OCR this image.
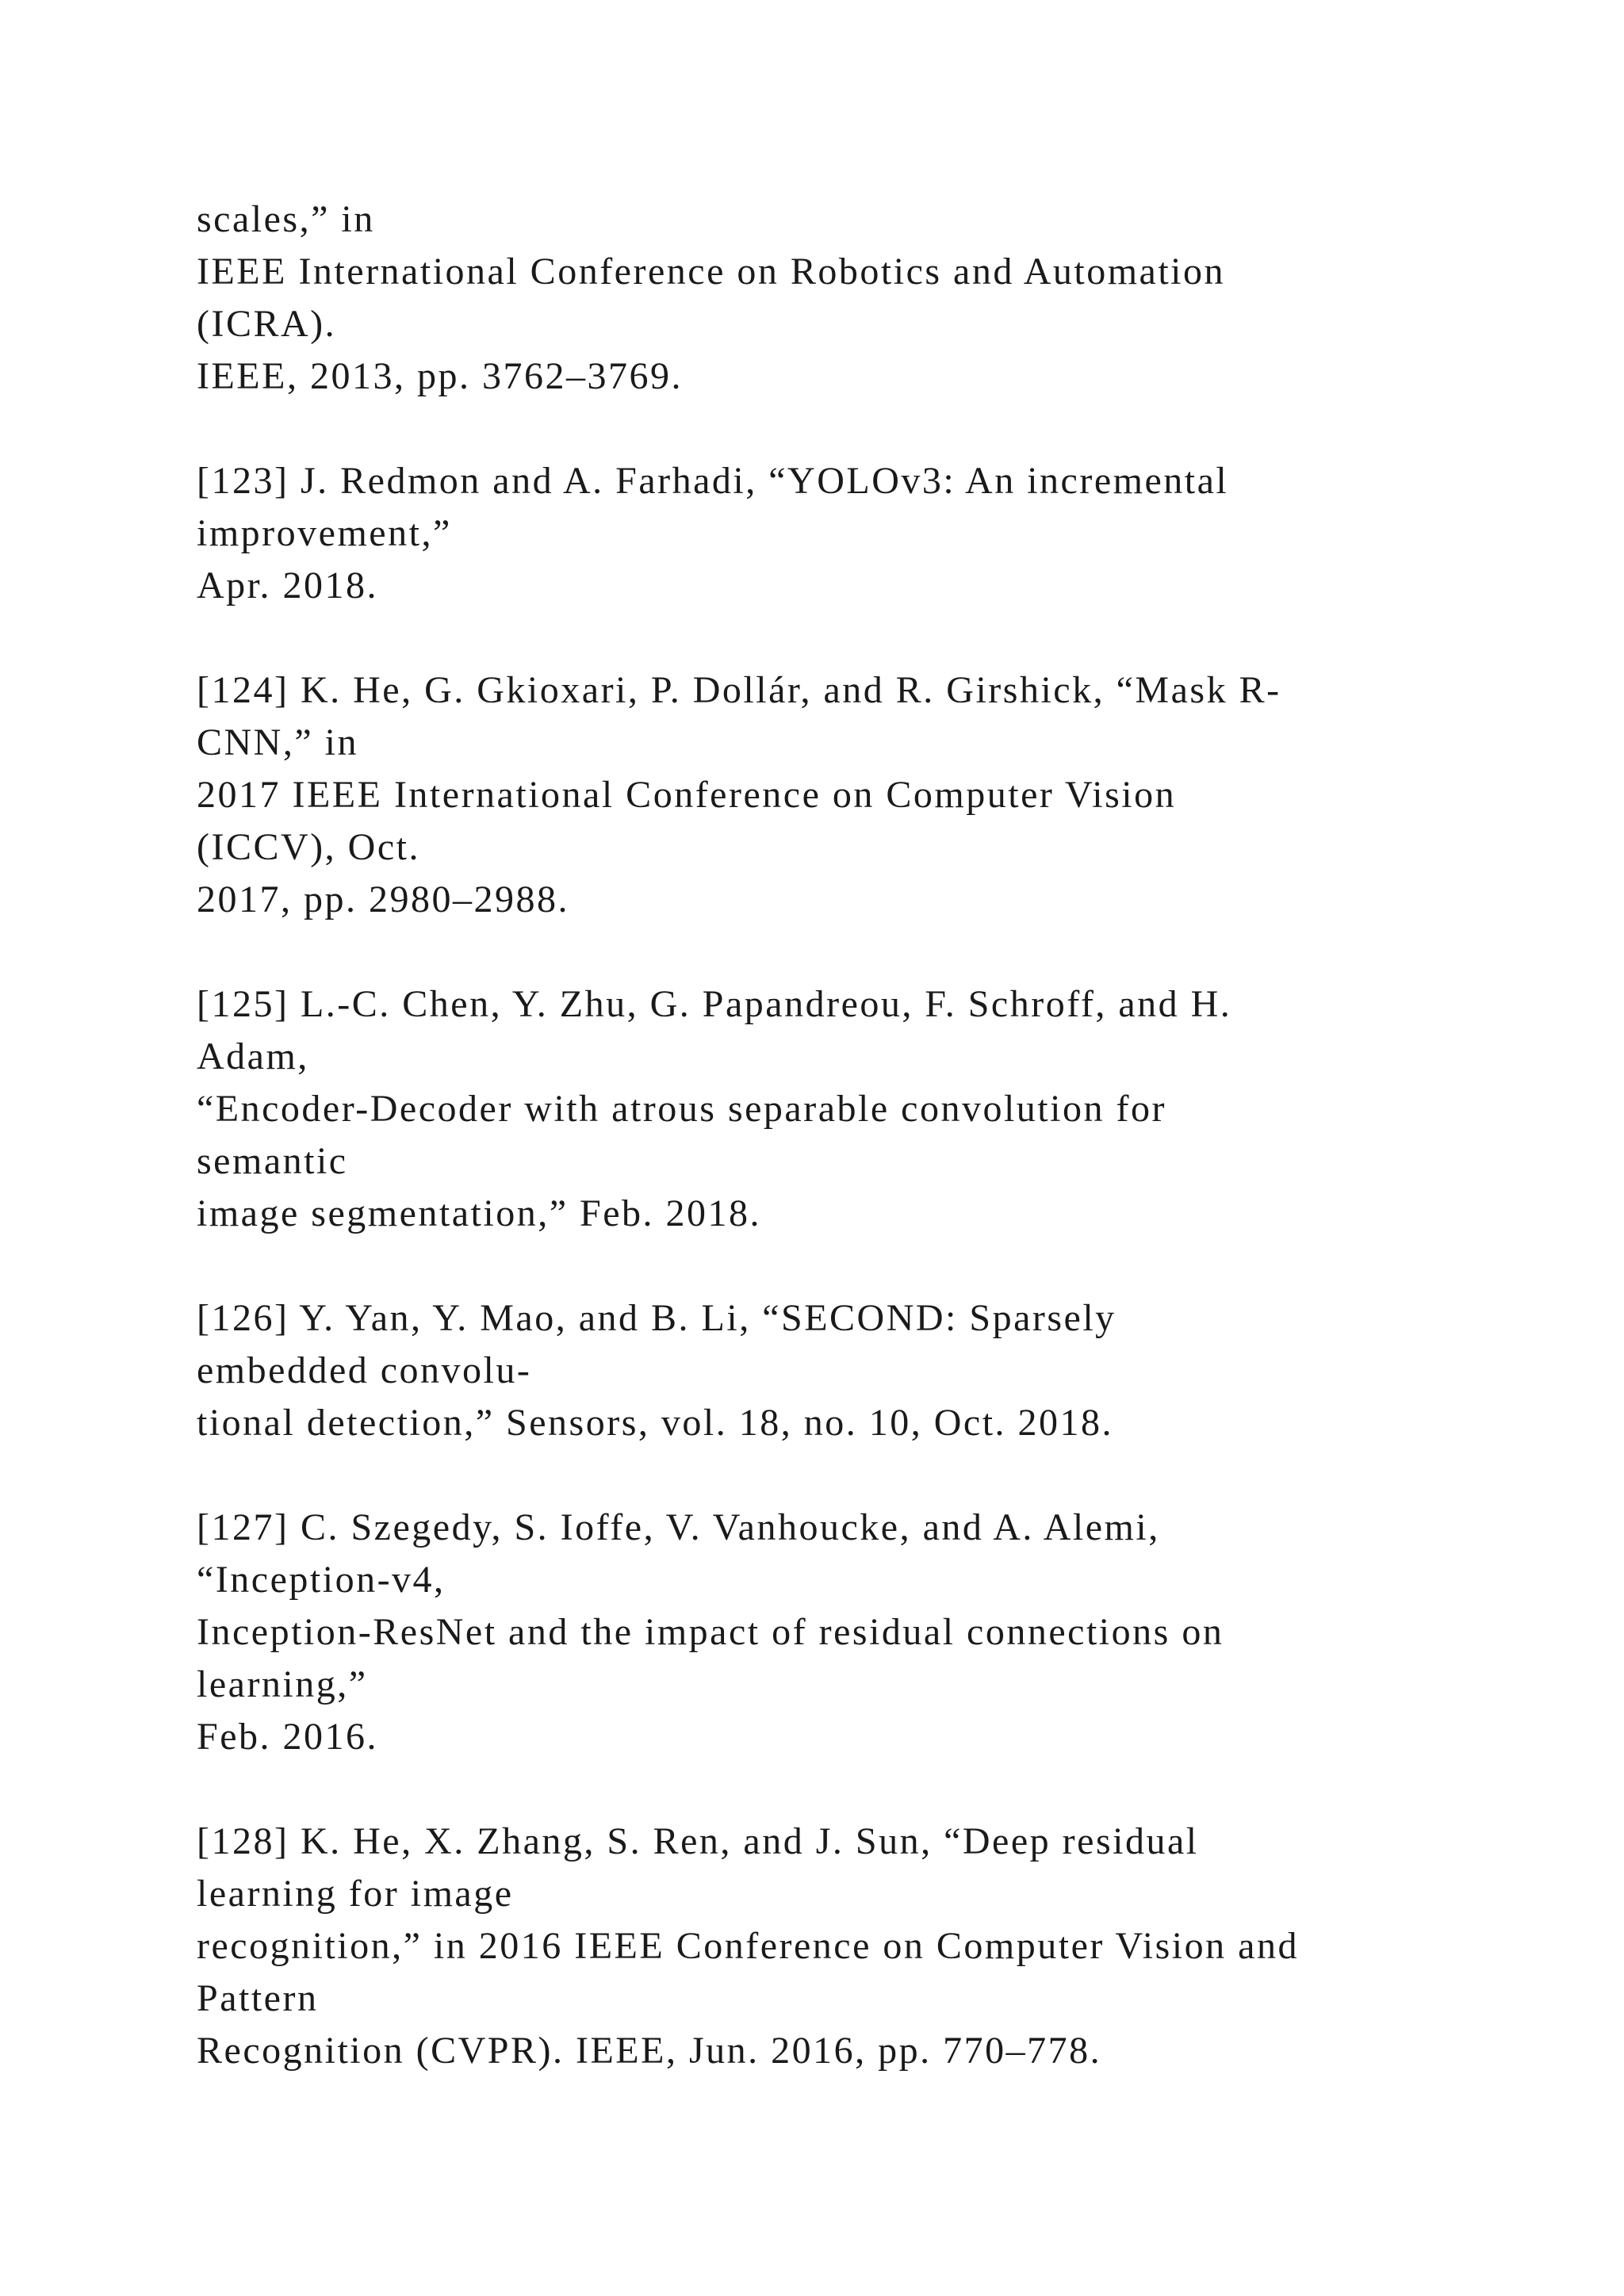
scales,” in
IEEE International Conference on Robotics and Automation
(ICRA).
IEEE, 2013, pp. 3762–3769.
[123] J. Redmon and A. Farhadi, “YOLOv3: An incremental
improvement,”
Apr. 2018.
[124] K. He, G. Gkioxari, P. Dollár, and R. Girshick, “Mask R-
CNN,” in
2017 IEEE International Conference on Computer Vision
(ICCV), Oct.
2017, pp. 2980–2988.
[125] L.-C. Chen, Y. Zhu, G. Papandreou, F. Schroff, and H.
Adam,
“Encoder-Decoder with atrous separable convolution for
semantic
image segmentation,” Feb. 2018.
[126] Y. Yan, Y. Mao, and B. Li, “SECOND: Sparsely
embedded convolu-
tional detection,” Sensors, vol. 18, no. 10, Oct. 2018.
[127] C. Szegedy, S. Ioffe, V. Vanhoucke, and A. Alemi,
“Inception-v4,
Inception-ResNet and the impact of residual connections on
learning,”
Feb. 2016.
[128] K. He, X. Zhang, S. Ren, and J. Sun, “Deep residual
learning for image
recognition,” in 2016 IEEE Conference on Computer Vision and
Pattern
Recognition (CVPR). IEEE, Jun. 2016, pp. 770–778.
